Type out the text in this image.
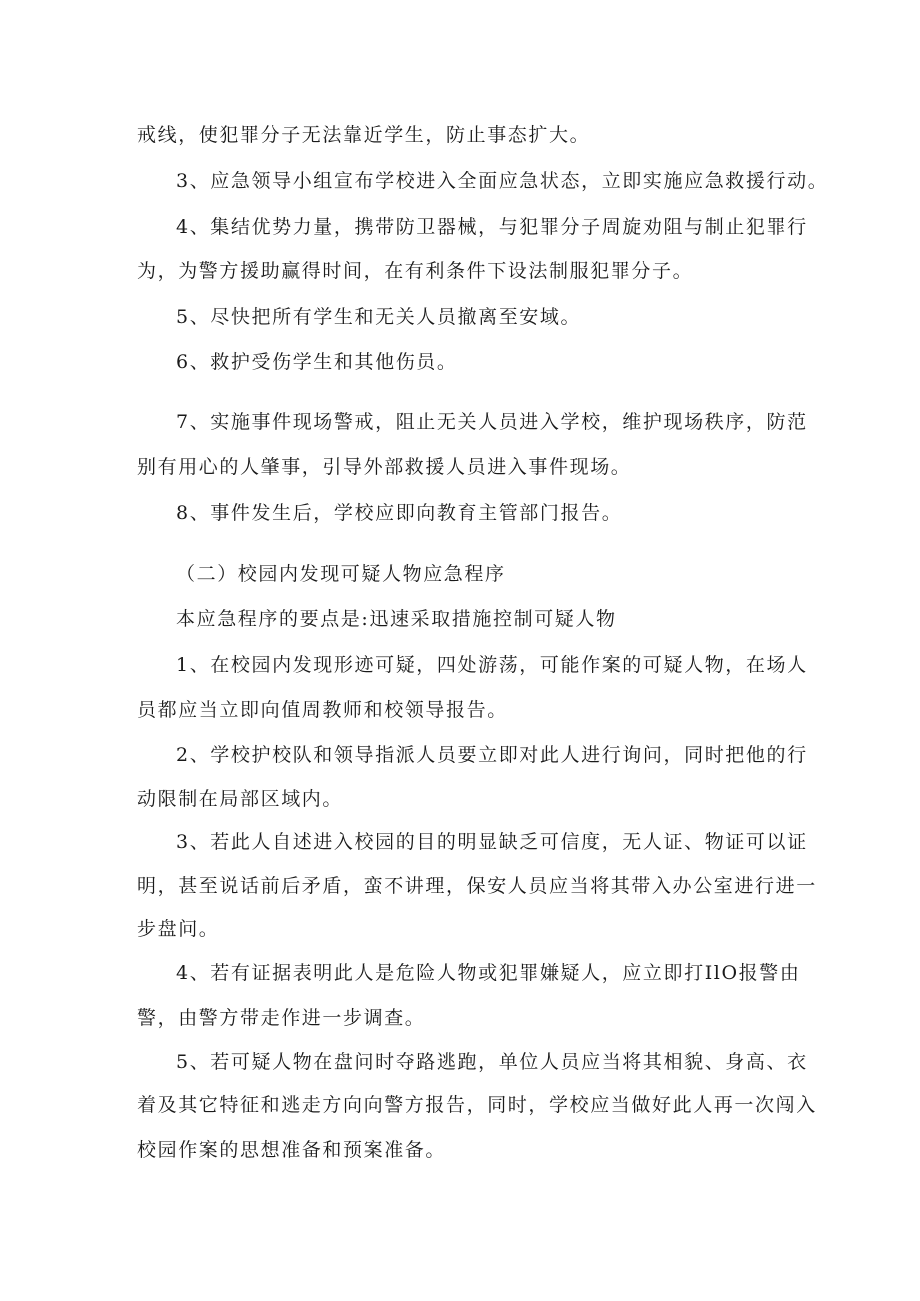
戒线，使犯罪分子无法靠近学生，防止事态扩大。
3、应急领导小组宣布学校进入全面应急状态，立即实施应急救援行动。
4、集结优势力量，携带防卫器械，与犯罪分子周旋劝阻与制止犯罪行
为，为警方援助赢得时间，在有利条件下设法制服犯罪分子。
5、尽快把所有学生和无关人员撤离至安域。
6、救护受伤学生和其他伤员。
7、实施事件现场警戒，阻止无关人员进入学校，维护现场秩序，防范
别有用心的人肇事，引导外部救援人员进入事件现场。
8、事件发生后，学校应即向教育主管部门报告。
（二）校园内发现可疑人物应急程序
本应急程序的要点是:迅速采取措施控制可疑人物
1、在校园内发现形迹可疑，四处游荡，可能作案的可疑人物，在场人
员都应当立即向值周教师和校领导报告。
2、学校护校队和领导指派人员要立即对此人进行询问，同时把他的行
动限制在局部区域内。
3、若此人自述进入校园的目的明显缺乏可信度，无人证、物证可以证
明，甚至说话前后矛盾，蛮不讲理，保安人员应当将其带入办公室进行进一
步盘问。
4、若有证据表明此人是危险人物或犯罪嫌疑人，应立即打IlO报警由
警，由警方带走作进一步调查。
5、若可疑人物在盘问时夺路逃跑，单位人员应当将其相貌、身高、衣
着及其它特征和逃走方向向警方报告，同时，学校应当做好此人再一次闯入
校园作案的思想准备和预案准备。
